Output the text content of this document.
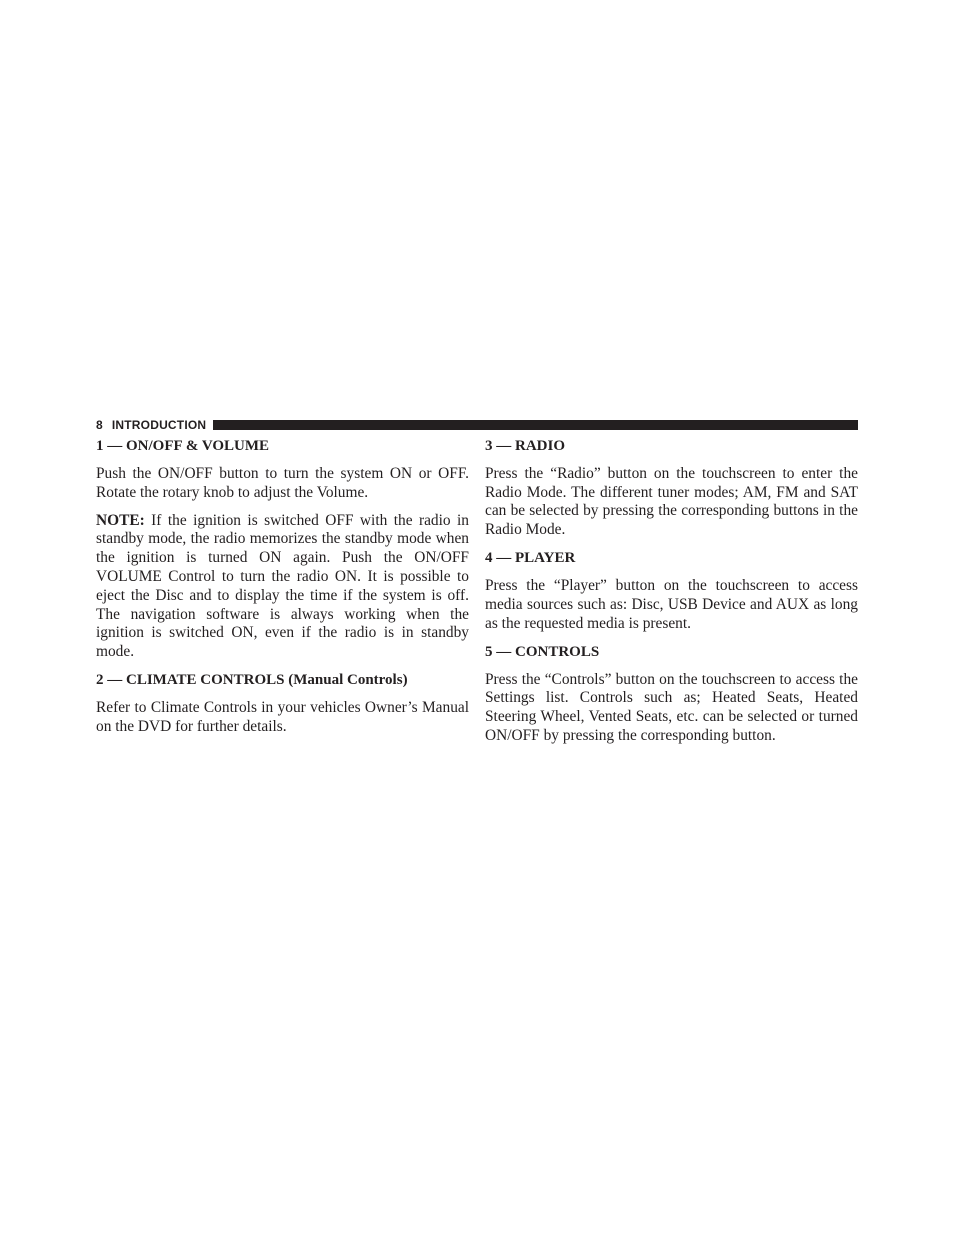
8 INTRODUCTION
1 — ON/OFF & VOLUME

Push the ON/OFF button to turn the system ON or OFF. Rotate the rotary knob to adjust the Volume.

NOTE: If the ignition is switched OFF with the radio in standby mode, the radio memorizes the standby mode when the ignition is turned ON again. Push the ON/OFF VOLUME Control to turn the radio ON. It is possible to eject the Disc and to display the time if the system is off. The navigation software is always working when the ignition is switched ON, even if the radio is in standby mode.

2 — CLIMATE CONTROLS (Manual Controls)

Refer to Climate Controls in your vehicles Owner’s Manual on the DVD for further details.

3 — RADIO

Press the “Radio” button on the touchscreen to enter the Radio Mode. The different tuner modes; AM, FM and SAT can be selected by pressing the corresponding buttons in the Radio Mode.

4 — PLAYER

Press the “Player” button on the touchscreen to access media sources such as: Disc, USB Device and AUX as long as the requested media is present.

5 — CONTROLS

Press the “Controls” button on the touchscreen to access the Settings list. Controls such as; Heated Seats, Heated Steering Wheel, Vented Seats, etc. can be selected or turned ON/OFF by pressing the corresponding button.
